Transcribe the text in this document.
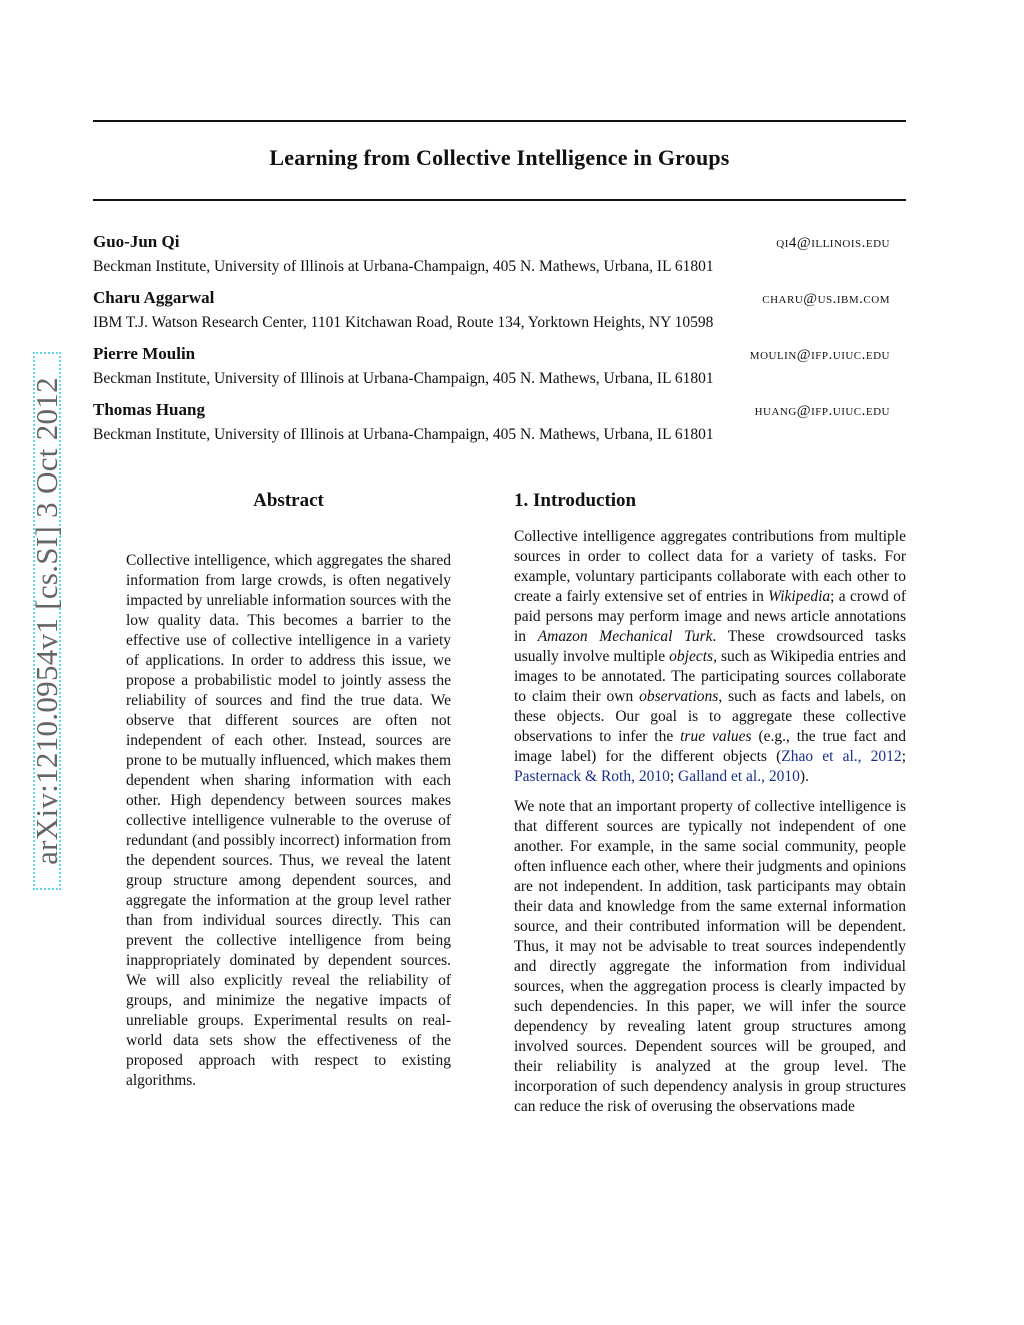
arXiv:1210.0954v1 [cs.SI] 3 Oct 2012
Learning from Collective Intelligence in Groups
Guo-Jun Qi	qi4@illinois.edu
Beckman Institute, University of Illinois at Urbana-Champaign, 405 N. Mathews, Urbana, IL 61801
Charu Aggarwal	charu@us.ibm.com
IBM T.J. Watson Research Center, 1101 Kitchawan Road, Route 134, Yorktown Heights, NY 10598
Pierre Moulin	moulin@ifp.uiuc.edu
Beckman Institute, University of Illinois at Urbana-Champaign, 405 N. Mathews, Urbana, IL 61801
Thomas Huang	huang@ifp.uiuc.edu
Beckman Institute, University of Illinois at Urbana-Champaign, 405 N. Mathews, Urbana, IL 61801
Abstract

Collective intelligence, which aggregates the shared information from large crowds, is often negatively impacted by unreliable information sources with the low quality data. This becomes a barrier to the effective use of collective intelligence in a variety of applications. In order to address this issue, we propose a probabilistic model to jointly assess the reliability of sources and find the true data. We observe that different sources are often not independent of each other. Instead, sources are prone to be mutually influenced, which makes them dependent when sharing information with each other. High dependency between sources makes collective intelligence vulnerable to the overuse of redundant (and possibly incorrect) information from the dependent sources. Thus, we reveal the latent group structure among dependent sources, and aggregate the information at the group level rather than from individual sources directly. This can prevent the collective intelligence from being inappropriately dominated by dependent sources. We will also explicitly reveal the reliability of groups, and minimize the negative impacts of unreliable groups. Experimental results on real-world data sets show the effectiveness of the proposed approach with respect to existing algorithms.

1. Introduction

Collective intelligence aggregates contributions from multiple sources in order to collect data for a variety of tasks. For example, voluntary participants collaborate with each other to create a fairly extensive set of entries in Wikipedia; a crowd of paid persons may perform image and news article annotations in Amazon Mechanical Turk. These crowdsourced tasks usually involve multiple objects, such as Wikipedia entries and images to be annotated. The participating sources collaborate to claim their own observations, such as facts and labels, on these objects. Our goal is to aggregate these collective observations to infer the true values (e.g., the true fact and image label) for the different objects (Zhao et al., 2012; Pasternack & Roth, 2010; Galland et al., 2010).

We note that an important property of collective intelligence is that different sources are typically not independent of one another. For example, in the same social community, people often influence each other, where their judgments and opinions are not independent. In addition, task participants may obtain their data and knowledge from the same external information source, and their contributed information will be dependent. Thus, it may not be advisable to treat sources independently and directly aggregate the information from individual sources, when the aggregation process is clearly impacted by such dependencies. In this paper, we will infer the source dependency by revealing latent group structures among involved sources. Dependent sources will be grouped, and their reliability is analyzed at the group level. The incorporation of such dependency analysis in group structures can reduce the risk of overusing the observations made
